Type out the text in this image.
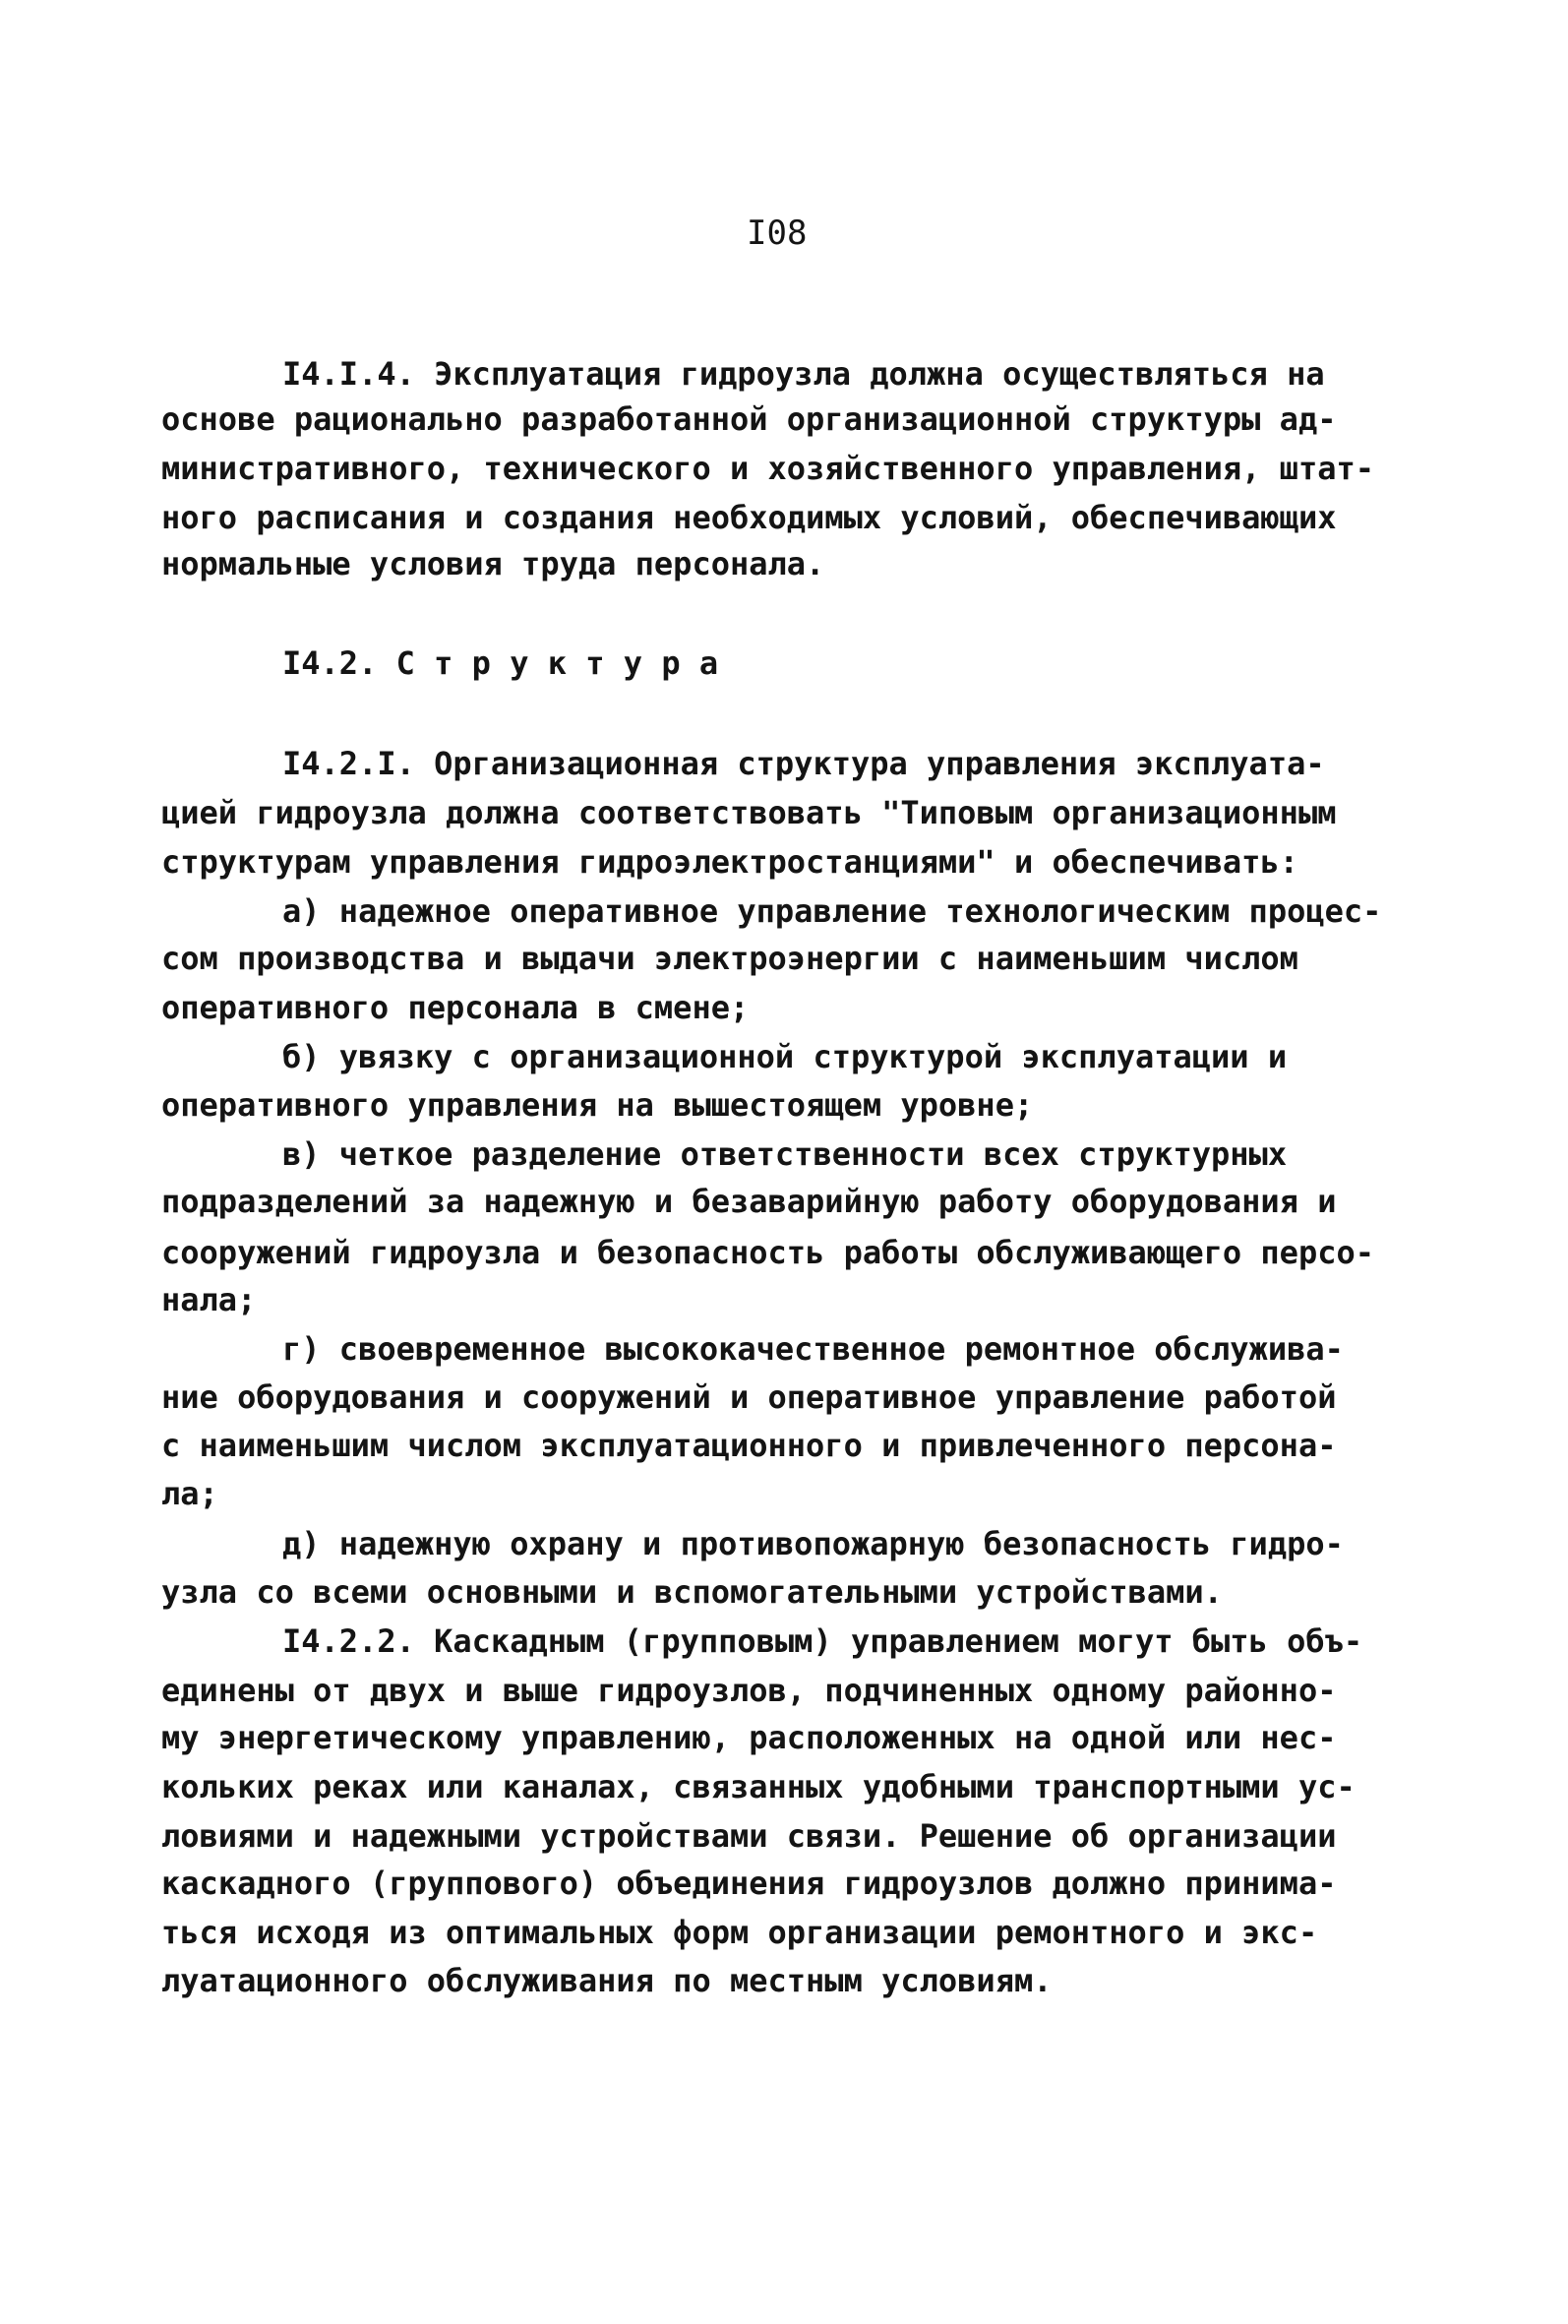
I08
I4.I.4. Эксплуатация гидроузла должна осуществляться на
основе рационально разработанной организационной структуры ад-
министративного, технического и хозяйственного управления, штат-
ного расписания и создания необходимых условий, обеспечивающих
нормальные условия труда персонала.
I4.2. С т р у к т у р а
I4.2.I. Организационная структура управления эксплуата-
цией гидроузла должна соответствовать "Типовым организационным
структурам управления гидроэлектростанциями" и обеспечивать:
а) надежное оперативное управление технологическим процес-
сом производства и выдачи электроэнергии с наименьшим числом
оперативного персонала в смене;
б) увязку с организационной структурой эксплуатации и
оперативного управления на вышестоящем уровне;
в) четкое разделение ответственности всех структурных
подразделений за надежную и безаварийную работу оборудования и
сооружений гидроузла и безопасность работы обслуживающего персо-
нала;
г) своевременное высококачественное ремонтное обслужива-
ние оборудования и сооружений и оперативное управление работой
с наименьшим числом эксплуатационного и привлеченного персона-
ла;
д) надежную охрану и противопожарную безопасность гидро-
узла со всеми основными и вспомогательными устройствами.
I4.2.2. Каскадным (групповым) управлением могут быть объ-
единены от двух и выше гидроузлов, подчиненных одному районно-
му энергетическому управлению, расположенных на одной или нес-
кольких реках или каналах, связанных удобными транспортными ус-
ловиями и надежными устройствами связи. Решение об организации
каскадного (группового) объединения гидроузлов должно принима-
ться исходя из оптимальных форм организации ремонтного и экс-
луатационного обслуживания по местным условиям.
